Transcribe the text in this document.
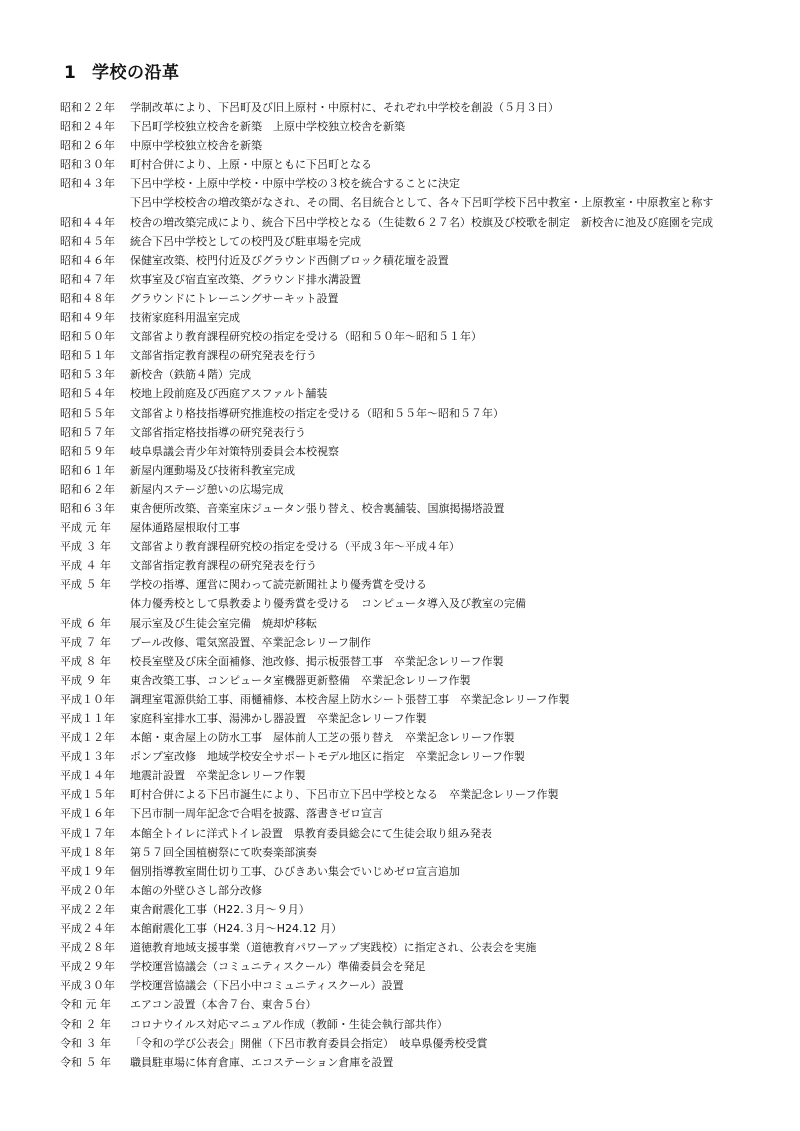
1 学校の沿革
昭和２２年 学制改革により、下呂町及び旧上原村・中原村に、それぞれ中学校を創設（５月３日）
昭和２４年 下呂町学校独立校舎を新築　上原中学校独立校舎を新築
昭和２６年 中原中学校独立校舎を新築
昭和３０年 町村合併により、上原・中原ともに下呂町となる
昭和４３年 下呂中学校・上原中学校・中原中学校の３校を統合することに決定
下呂中学校校舎の増改築がなされ、その間、名目統合として、各々下呂町学校下呂中教室・上原教室・中原教室と称す
昭和４４年 校舎の増改築完成により、統合下呂中学校となる（生徒数６２７名）校旗及び校歌を制定　新校舎に池及び庭園を完成
昭和４５年 統合下呂中学校としての校門及び駐車場を完成
昭和４６年 保健室改築、校門付近及びグラウンド西側ブロック積花壇を設置
昭和４７年 炊事室及び宿直室改築、グラウンド排水溝設置
昭和４８年 グラウンドにトレーニングサーキット設置
昭和４９年 技術家庭科用温室完成
昭和５０年 文部省より教育課程研究校の指定を受ける（昭和５０年～昭和５１年）
昭和５１年 文部省指定教育課程の研究発表を行う
昭和５３年 新校舎（鉄筋４階）完成
昭和５４年 校地上段前庭及び西庭アスファルト舗装
昭和５５年 文部省より格技指導研究推進校の指定を受ける（昭和５５年～昭和５７年）
昭和５７年 文部省指定格技指導の研究発表行う
昭和５９年 岐阜県議会青少年対策特別委員会本校視察
昭和６１年 新屋内運動場及び技術科教室完成
昭和６２年 新屋内ステージ憩いの広場完成
昭和６３年 東舎便所改築、音楽室床ジュータン張り替え、校舎裏舗装、国旗掲揚塔設置
平成 元 年 屋体通路屋根取付工事
平成 ３ 年 文部省より教育課程研究校の指定を受ける（平成３年～平成４年）
平成 ４ 年 文部省指定教育課程の研究発表を行う
平成 ５ 年 学校の指導、運営に関わって読売新聞社より優秀賞を受ける
体力優秀校として県教委より優秀賞を受ける　コンピュータ導入及び教室の完備
平成 ６ 年 展示室及び生徒会室完備　焼却炉移転
平成 ７ 年 プール改修、電気窯設置、卒業記念レリーフ制作
平成 ８ 年 校長室壁及び床全面補修、池改修、掲示板張替工事　卒業記念レリーフ作製
平成 ９ 年 東舎改築工事、コンピュータ室機器更新整備　卒業記念レリーフ作製
平成１０年 調理室電源供給工事、雨樋補修、本校舎屋上防水シート張替工事　卒業記念レリーフ作製
平成１１年 家庭科室排水工事、湯沸かし器設置　卒業記念レリーフ作製
平成１２年 本館・東舎屋上の防水工事　屋体前人工芝の張り替え　卒業記念レリーフ作製
平成１３年 ポンプ室改修　地域学校安全サポートモデル地区に指定　卒業記念レリーフ作製
平成１４年 地震計設置　卒業記念レリーフ作製
平成１５年 町村合併による下呂市誕生により、下呂市立下呂中学校となる　卒業記念レリーフ作製
平成１６年 下呂市制一周年記念で合唱を披露、落書きゼロ宣言
平成１７年 本館全トイレに洋式トイレ設置　県教育委員総会にて生徒会取り組み発表
平成１８年 第５７回全国植樹祭にて吹奏楽部演奏
平成１９年 個別指導教室間仕切り工事、ひびきあい集会でいじめゼロ宣言追加
平成２０年 本館の外壁ひさし部分改修
平成２２年 東舎耐震化工事（H22.３月～９月）
平成２４年 本館耐震化工事（H24.３月～H24.12 月）
平成２８年 道徳教育地域支援事業（道徳教育パワーアップ実践校）に指定され、公表会を実施
平成２９年 学校運営協議会（コミュニティスクール）準備委員会を発足
平成３０年 学校運営協議会（下呂小中コミュニティスクール）設置
令和 元 年 エアコン設置（本舎７台、東舎５台）
令和 ２ 年 コロナウイルス対応マニュアル作成（教師・生徒会執行部共作）
令和 ３ 年 「令和の学び公表会」開催（下呂市教育委員会指定）　岐阜県優秀校受賞
令和 ５ 年 職員駐車場に体育倉庫、エコステーション倉庫を設置
